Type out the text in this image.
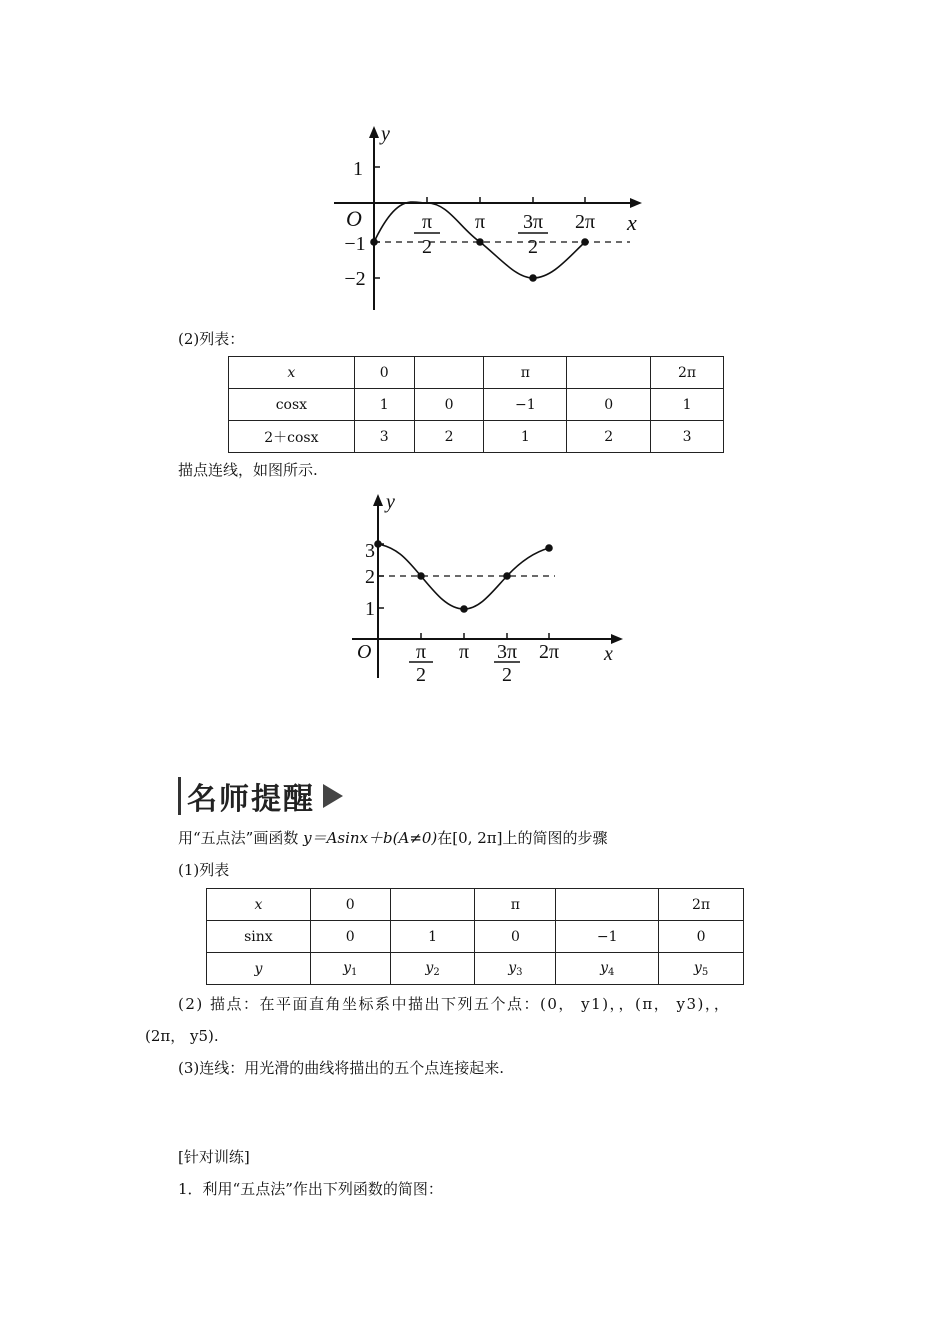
y
x
O
1
−1
−2
π
2
π 3π
2
2π
(2)列表：
x	0		π		2π
cosx	1	0	−1	0	1
2＋cosx	3	2	1	2	3
描点连线，如图所示.
y
x
O
3
2
1
π
2
π 3π
2
2π
名师提醒
用“五点法”画函数 y＝Asinx＋b(A≠0)在[0, 2π]上的简图的步骤
(1)列表
x	0		π		2π
sinx	0	1	0	−1	0
y	$y_1$	$y_2$	$y_3$	$y_4$	$y_5$
(2) 描点：在平面直角坐标系中描出下列五个点：(0， y1)，，(π， y3)，，
(2π， y5).
(3)连线：用光滑的曲线将描出的五个点连接起来.
[针对训练]
1．利用“五点法”作出下列函数的简图：
